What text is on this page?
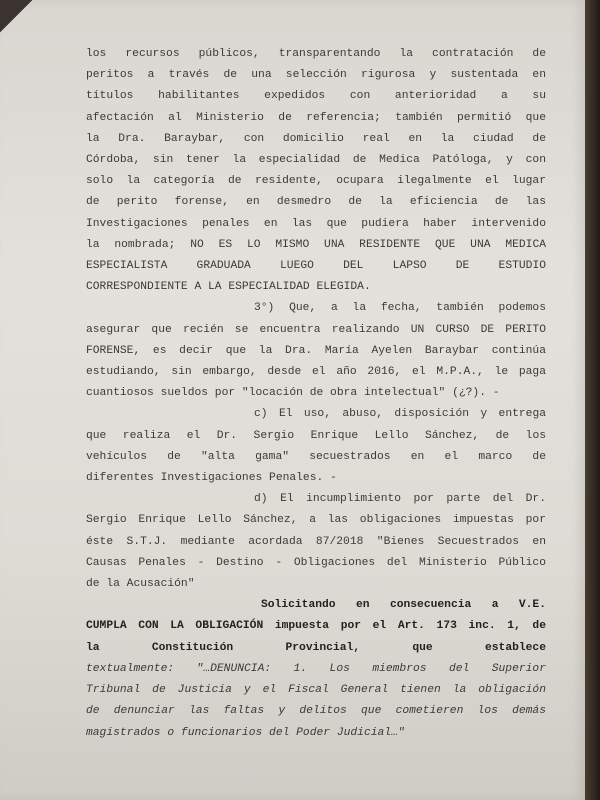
los recursos públicos, transparentando la contratación de
peritos a través de una selección rigurosa y sustentada en
títulos habilitantes expedidos con anterioridad a su
afectación al Ministerio de referencia; también permitió que
la Dra. Baraybar, con domicilio real en la ciudad de
Córdoba, sin tener la especialidad de Medica Patóloga, y con
solo la categoría de residente, ocupara ilegalmente el lugar
de perito forense, en desmedro de la eficiencia de las
Investigaciones penales en las que pudiera haber intervenido
la nombrada; NO ES LO MISMO UNA RESIDENTE QUE UNA MEDICA
ESPECIALISTA GRADUADA LUEGO DEL LAPSO DE ESTUDIO
CORRESPONDIENTE A LA ESPECIALIDAD ELEGIDA.
3°) Que, a la fecha, también podemos
asegurar que recién se encuentra realizando UN CURSO DE PERITO
FORENSE, es decir que la Dra. María Ayelen Baraybar continúa
estudiando, sin embargo, desde el año 2016, el M.P.A., le paga
cuantiosos sueldos por "locación de obra intelectual" (¿?). -
c) El uso, abuso, disposición y entrega
que realiza el Dr. Sergio Enrique Lello Sánchez, de los
vehículos de "alta gama" secuestrados en el marco de
diferentes Investigaciones Penales. -
d) El incumplimiento por parte del Dr.
Sergio Enrique Lello Sánchez, a las obligaciones impuestas por
éste S.T.J. mediante acordada 87/2018 "Bienes Secuestrados en
Causas Penales - Destino - Obligaciones del Ministerio Público
de la Acusación"
Solicitando en consecuencia a V.E.
CUMPLA CON LA OBLIGACIÓN impuesta por el Art. 173 inc. 1, de
la Constitución Provincial, que establece
textualmente: "…DENUNCIA: 1. Los miembros del Superior
Tribunal de Justicia y el Fiscal General tienen la obligación
de denunciar las faltas y delitos que cometieren los demás
magistrados o funcionarios del Poder Judicial…"
